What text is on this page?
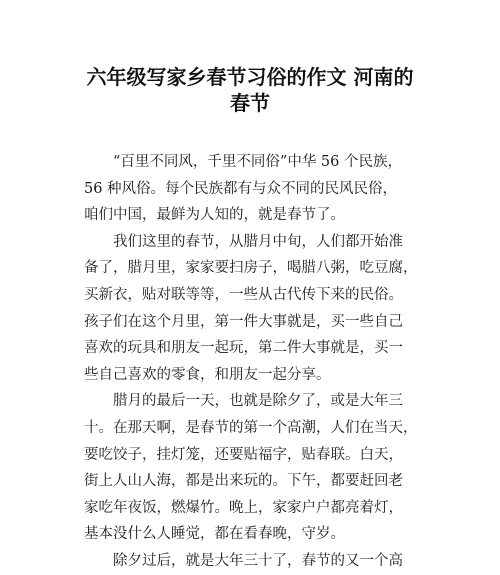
六年级写家乡春节习俗的作文 河南的
春节
“百里不同风，千里不同俗”中华 56 个民族，
56 种风俗。每个民族都有与众不同的民风民俗，
咱们中国，最鲜为人知的，就是春节了。
我们这里的春节，从腊月中旬，人们都开始准
备了，腊月里，家家要扫房子，喝腊八粥，吃豆腐，
买新衣，贴对联等等，一些从古代传下来的民俗。
孩子们在这个月里，第一件大事就是，买一些自己
喜欢的玩具和朋友一起玩，第二件大事就是，买一
些自己喜欢的零食，和朋友一起分享。
腊月的最后一天，也就是除夕了，或是大年三
十。在那天啊，是春节的第一个高潮，人们在当天，
要吃饺子，挂灯笼，还要贴福字，贴春联。白天，
街上人山人海，都是出来玩的。下午，都要赶回老
家吃年夜饭，燃爆竹。晚上，家家户户都亮着灯，
基本没什么人睡觉，都在看春晚，守岁。
除夕过后，就是大年三十了，春节的又一个高
